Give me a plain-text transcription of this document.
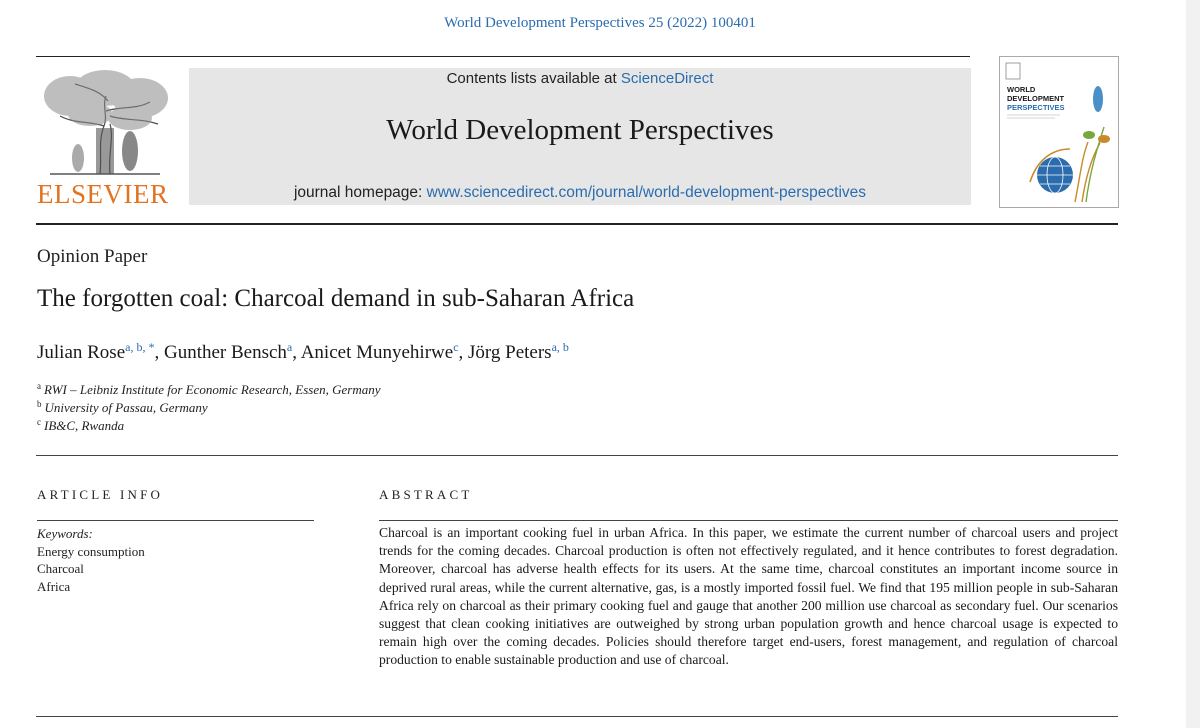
World Development Perspectives 25 (2022) 100401
ELSEVIER
Contents lists available at ScienceDirect
World Development Perspectives
journal homepage: www.sciencedirect.com/journal/world-development-perspectives
WORLD
DEVELOPMENT
PERSPECTIVES
Opinion Paper
The forgotten coal: Charcoal demand in sub-Saharan Africa
Julian Rose$^{a, b, *}$, Gunther Bensch$^a$, Anicet Munyehirwe$^c$, Jörg Peters$^{a, b}$
$^a$ RWI – Leibniz Institute for Economic Research, Essen, Germany
$^b$ University of Passau, Germany
$^c$ IB&C, Rwanda
ARTICLE INFO	ABSTRACT
Keywords:
Energy consumption
Charcoal
Africa
Charcoal is an important cooking fuel in urban Africa. In this paper, we estimate the current number of charcoal users and project trends for the coming decades. Charcoal production is often not effectively regulated, and it hence contributes to forest degradation. Moreover, charcoal has adverse health effects for its users. At the same time, charcoal constitutes an important income source in deprived rural areas, while the current alternative, gas, is a mostly imported fossil fuel. We find that 195 million people in sub-Saharan Africa rely on charcoal as their primary cooking fuel and gauge that another 200 million use charcoal as secondary fuel. Our scenarios suggest that clean cooking initiatives are outweighed by strong urban population growth and hence charcoal usage is expected to remain high over the coming decades. Policies should therefore target end-users, forest management, and regulation of charcoal production to enable sustainable production and use of charcoal.
